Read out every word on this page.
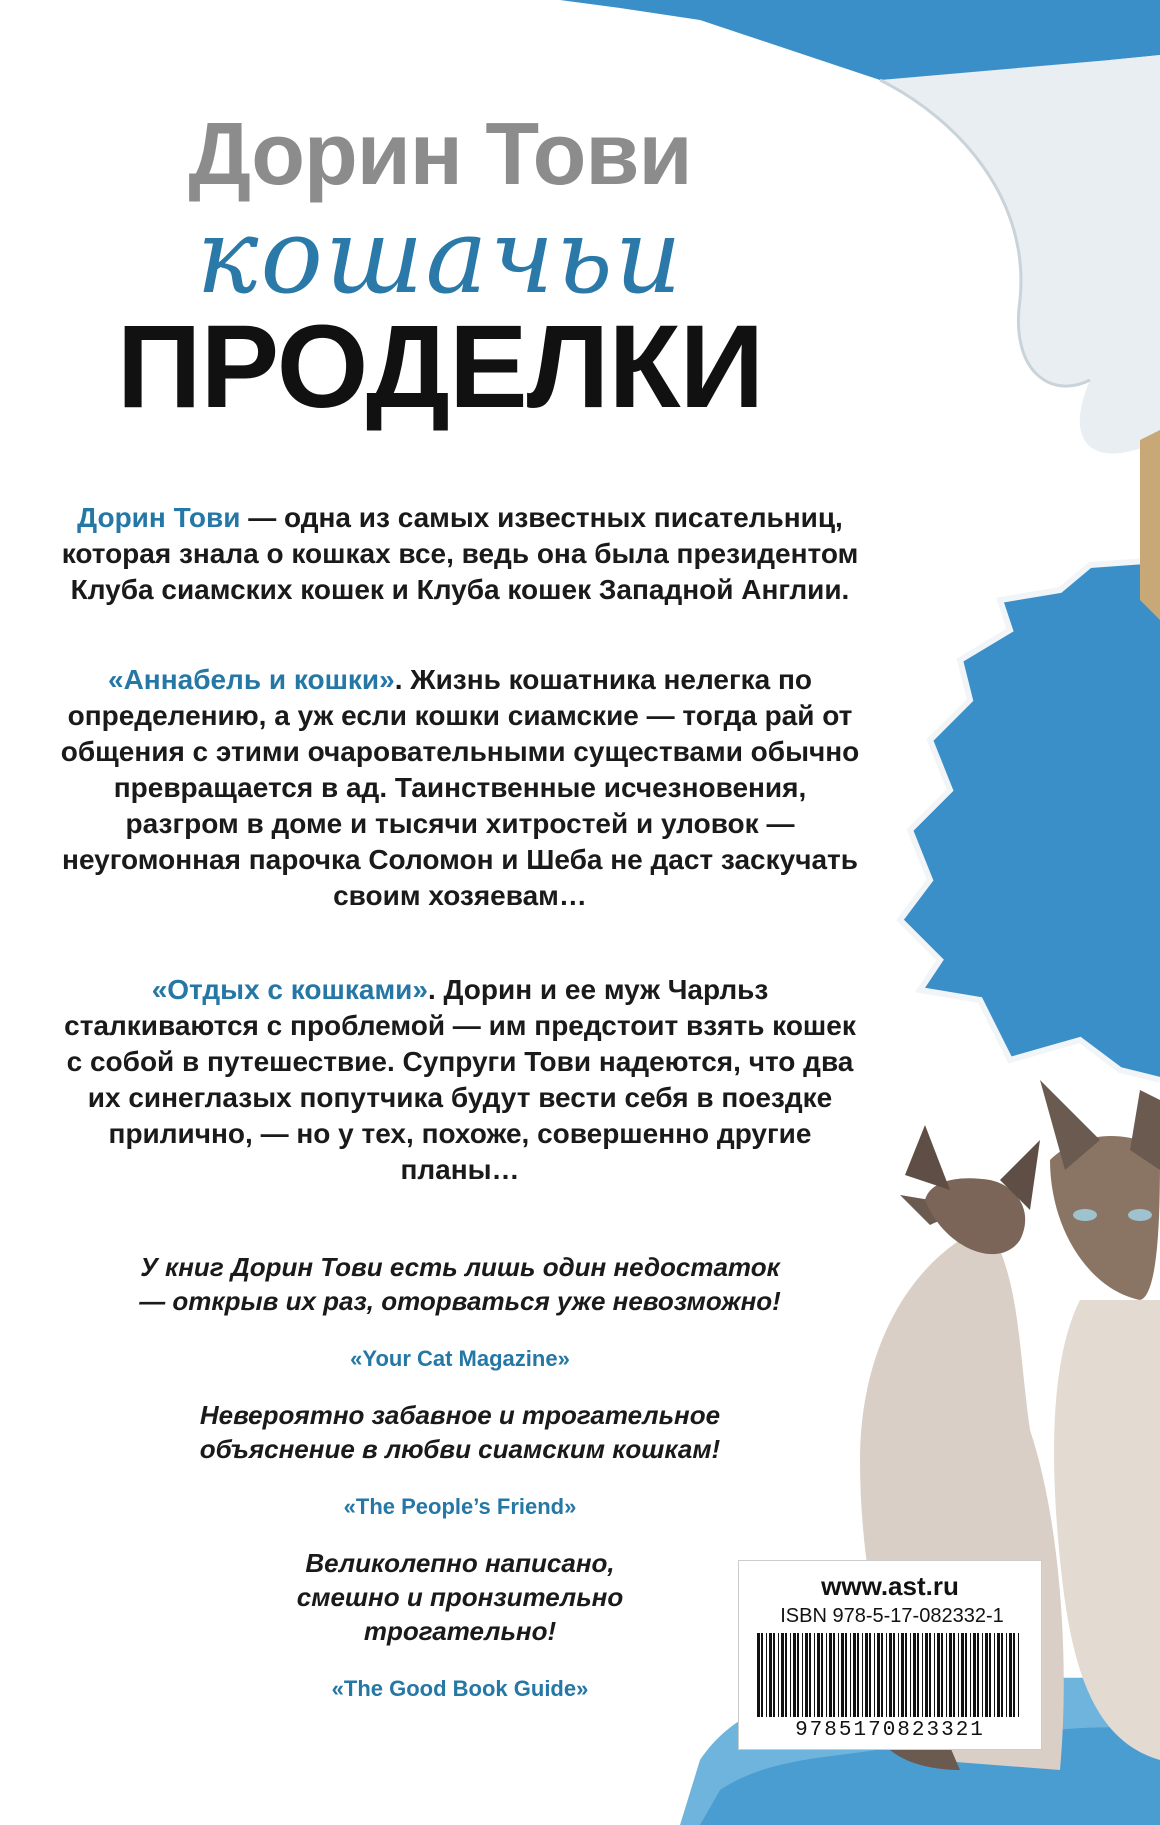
Дорин Тови
кошачьи
ПРОДЕЛКИ
Дорин Тови — одна из самых известных писательниц, которая знала о кошках все, ведь она была президентом Клуба сиамских кошек и Клуба кошек Западной Англии.
«Аннабель и кошки». Жизнь кошатника нелегка по определению, а уж если кошки сиамские — тогда рай от общения с этими очаровательными существами обычно превращается в ад. Таинственные исчезновения, разгром в доме и тысячи хитростей и уловок — неугомонная парочка Соломон и Шеба не даст заскучать своим хозяевам…
«Отдых с кошками». Дорин и ее муж Чарльз сталкиваются с проблемой — им предстоит взять кошек с собой в путешествие. Супруги Тови надеются, что два их синеглазых попутчика будут вести себя в поездке прилично, — но у тех, похоже, совершенно другие планы…
У книг Дорин Тови есть лишь один недостаток — открыв их раз, оторваться уже невозможно!
«Your Cat Magazine»
Невероятно забавное и трогательное объяснение в любви сиамским кошкам!
«The People’s Friend»
Великолепно написано, смешно и пронзительно трогательно!
«The Good Book Guide»
www.ast.ru
ISBN 978-5-17-082332-1
9785170823321
